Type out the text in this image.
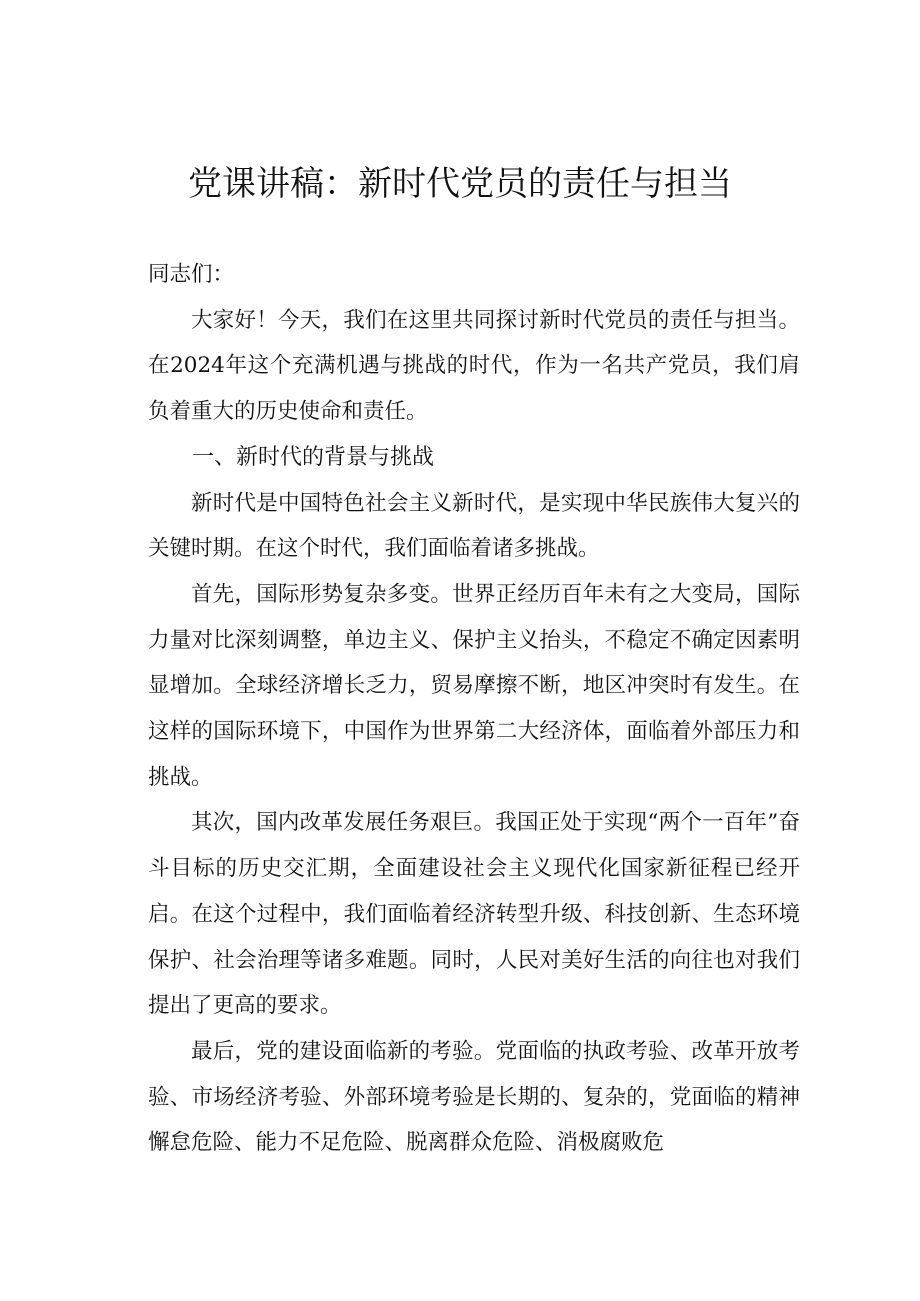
党课讲稿：新时代党员的责任与担当

同志们：

大家好！今天，我们在这里共同探讨新时代党员的责任与担当。在2024年这个充满机遇与挑战的时代，作为一名共产党员，我们肩负着重大的历史使命和责任。

一、新时代的背景与挑战

新时代是中国特色社会主义新时代，是实现中华民族伟大复兴的关键时期。在这个时代，我们面临着诸多挑战。

首先，国际形势复杂多变。世界正经历百年未有之大变局，国际力量对比深刻调整，单边主义、保护主义抬头，不稳定不确定因素明显增加。全球经济增长乏力，贸易摩擦不断，地区冲突时有发生。在这样的国际环境下，中国作为世界第二大经济体，面临着外部压力和挑战。

其次，国内改革发展任务艰巨。我国正处于实现“两个一百年”奋斗目标的历史交汇期，全面建设社会主义现代化国家新征程已经开启。在这个过程中，我们面临着经济转型升级、科技创新、生态环境保护、社会治理等诸多难题。同时，人民对美好生活的向往也对我们提出了更高的要求。

最后，党的建设面临新的考验。党面临的执政考验、改革开放考验、市场经济考验、外部环境考验是长期的、复杂的，党面临的精神懈怠危险、能力不足危险、脱离群众危险、消极腐败危
